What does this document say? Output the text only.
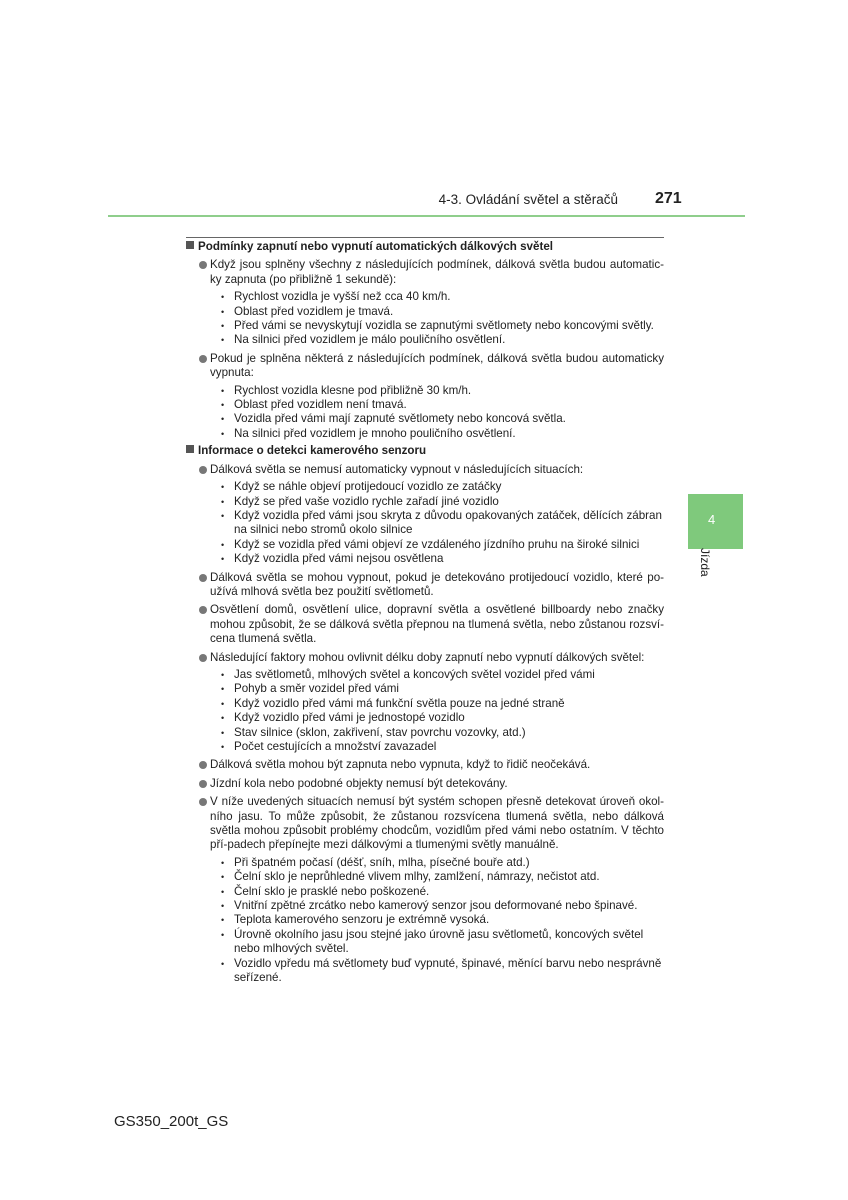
4-3. Ovládání světel a stěračů 271
4
Jízda
Podmínky zapnutí nebo vypnutí automatických dálkových světel
Když jsou splněny všechny z následujících podmínek, dálková světla budou automatic-ky zapnuta (po přibližně 1 sekundě):
• Rychlost vozidla je vyšší než cca 40 km/h.
• Oblast před vozidlem je tmavá.
• Před vámi se nevyskytují vozidla se zapnutými světlomety nebo koncovými světly.
• Na silnici před vozidlem je málo pouličního osvětlení.
Pokud je splněna některá z následujících podmínek, dálková světla budou automaticky vypnuta:
• Rychlost vozidla klesne pod přibližně 30 km/h.
• Oblast před vozidlem není tmavá.
• Vozidla před vámi mají zapnuté světlomety nebo koncová světla.
• Na silnici před vozidlem je mnoho pouličního osvětlení.
Informace o detekci kamerového senzoru
Dálková světla se nemusí automaticky vypnout v následujících situacích:
• Když se náhle objeví protijedoucí vozidlo ze zatáčky
• Když se před vaše vozidlo rychle zařadí jiné vozidlo
• Když vozidla před vámi jsou skryta z důvodu opakovaných zatáček, dělících zábran na silnici nebo stromů okolo silnice
• Když se vozidla před vámi objeví ze vzdáleného jízdního pruhu na široké silnici
• Když vozidla před vámi nejsou osvětlena
Dálková světla se mohou vypnout, pokud je detekováno protijedoucí vozidlo, které po-užívá mlhová světla bez použití světlometů.
Osvětlení domů, osvětlení ulice, dopravní světla a osvětlené billboardy nebo značky mohou způsobit, že se dálková světla přepnou na tlumená světla, nebo zůstanou rozsví-cena tlumená světla.
Následující faktory mohou ovlivnit délku doby zapnutí nebo vypnutí dálkových světel:
• Jas světlometů, mlhových světel a koncových světel vozidel před vámi
• Pohyb a směr vozidel před vámi
• Když vozidlo před vámi má funkční světla pouze na jedné straně
• Když vozidlo před vámi je jednostopé vozidlo
• Stav silnice (sklon, zakřivení, stav povrchu vozovky, atd.)
• Počet cestujících a množství zavazadel
Dálková světla mohou být zapnuta nebo vypnuta, když to řidič neočekává.
Jízdní kola nebo podobné objekty nemusí být detekovány.
V níže uvedených situacích nemusí být systém schopen přesně detekovat úroveň okol-ního jasu. To může způsobit, že zůstanou rozsvícena tlumená světla, nebo dálková světla mohou způsobit problémy chodcům, vozidlům před vámi nebo ostatním. V těchto pří-padech přepínejte mezi dálkovými a tlumenými světly manuálně.
• Při špatném počasí (déšť, sníh, mlha, písečné bouře atd.)
• Čelní sklo je neprůhledné vlivem mlhy, zamlžení, námrazy, nečistot atd.
• Čelní sklo je prasklé nebo poškozené.
• Vnitřní zpětné zrcátko nebo kamerový senzor jsou deformované nebo špinavé.
• Teplota kamerového senzoru je extrémně vysoká.
• Úrovně okolního jasu jsou stejné jako úrovně jasu světlometů, koncových světel nebo mlhových světel.
• Vozidlo vpředu má světlomety buď vypnuté, špinavé, měnící barvu nebo nesprávně seřízené.
GS350_200t_GS
